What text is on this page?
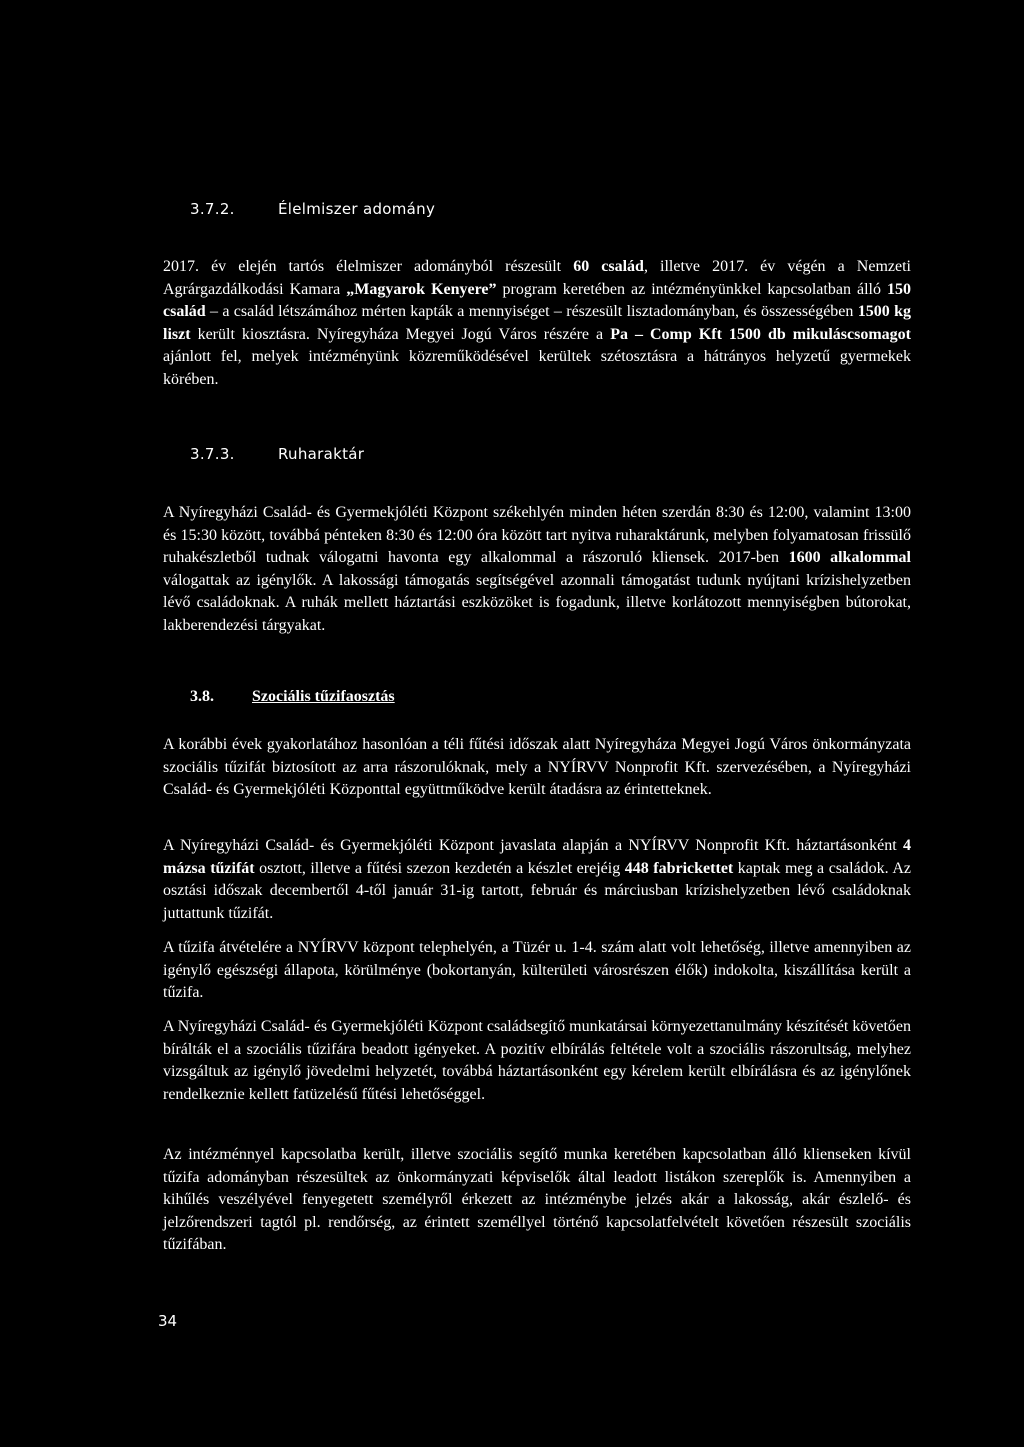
3.7.2.	Élelmiszer adomány
2017. év elején tartós élelmiszer adományból részesült 60 család, illetve 2017. év végén a Nemzeti Agrárgazdálkodási Kamara „Magyarok Kenyere” program keretében az intézményünkkel kapcsolatban álló 150 család – a család létszámához mérten kapták a mennyiséget – részesült lisztadományban, és összességében 1500 kg liszt került kiosztásra. Nyíregyháza Megyei Jogú Város részére a Pa – Comp Kft 1500 db mikuláscsomagot ajánlott fel, melyek intézményünk közreműködésével kerültek szétosztásra a hátrányos helyzetű gyermekek körében.
3.7.3.	Ruharaktár
A Nyíregyházi Család- és Gyermekjóléti Központ székehlyén minden héten szerdán 8:30 és 12:00, valamint 13:00 és 15:30 között, továbbá pénteken 8:30 és 12:00 óra között tart nyitva ruharaktárunk, melyben folyamatosan frissülő ruhakészletből tudnak válogatni havonta egy alkalommal a rászoruló kliensek. 2017-ben 1600 alkalommal válogattak az igénylők. A lakossági támogatás segítségével azonnali támogatást tudunk nyújtani krízishelyzetben lévő családoknak. A ruhák mellett háztartási eszközöket is fogadunk, illetve korlátozott mennyiségben bútorokat, lakberendezési tárgyakat.
3.8. Szociális tűzifaosztás
A korábbi évek gyakorlatához hasonlóan a téli fűtési időszak alatt Nyíregyháza Megyei Jogú Város önkormányzata szociális tűzifát biztosított az arra rászorulóknak, mely a NYÍRVV Nonprofit Kft. szervezésében, a Nyíregyházi Család- és Gyermekjóléti Központtal együttműködve került átadásra az érintetteknek.
A Nyíregyházi Család- és Gyermekjóléti Központ javaslata alapján a NYÍRVV Nonprofit Kft. háztartásonként 4 mázsa tűzifát osztott, illetve a fűtési szezon kezdetén a készlet erejéig 448 fabrickettet kaptak meg a családok. Az osztási időszak decembertől 4-től január 31-ig tartott, február és márciusban krízishelyzetben lévő családoknak juttattunk tűzifát.
A tűzifa átvételére a NYÍRVV központ telephelyén, a Tüzér u. 1-4. szám alatt volt lehetőség, illetve amennyiben az igénylő egészségi állapota, körülménye (bokortanyán, külterületi városrészen élők) indokolta, kiszállítása került a tűzifa.
A Nyíregyházi Család- és Gyermekjóléti Központ családsegítő munkatársai környezettanulmány készítését követően bírálták el a szociális tűzifára beadott igényeket. A pozitív elbírálás feltétele volt a szociális rászorultság, melyhez vizsgáltuk az igénylő jövedelmi helyzetét, továbbá háztartásonként egy kérelem került elbírálásra és az igénylőnek rendelkeznie kellett fatüzelésű fűtési lehetőséggel.
Az intézménnyel kapcsolatba került, illetve szociális segítő munka keretében kapcsolatban álló klienseken kívül tűzifa adományban részesültek az önkormányzati képviselők által leadott listákon szereplők is. Amennyiben a kihűlés veszélyével fenyegetett személyről érkezett az intézménybe jelzés akár a lakosság, akár észlelő- és jelzőrendszeri tagtól pl. rendőrség, az érintett személlyel történő kapcsolatfelvételt követően részesült szociális tűzifában.
34
